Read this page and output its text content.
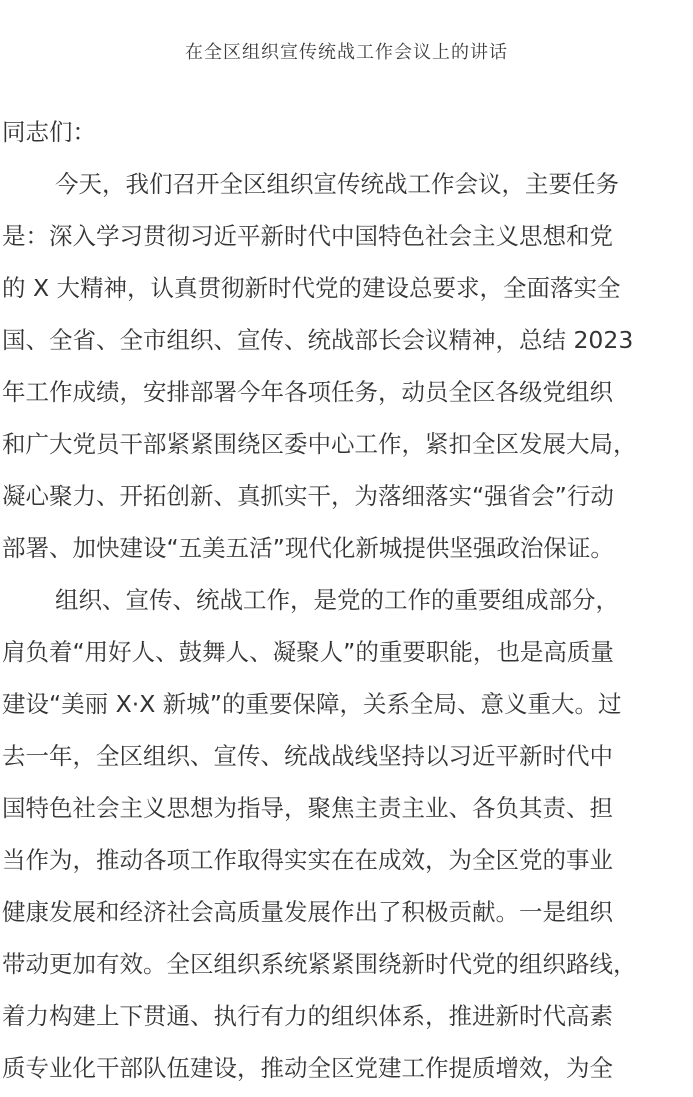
在全区组织宣传统战工作会议上的讲话
同志们：
今天，我们召开全区组织宣传统战工作会议，主要任务
是：深入学习贯彻习近平新时代中国特色社会主义思想和党
的 X 大精神，认真贯彻新时代党的建设总要求，全面落实全
国、全省、全市组织、宣传、统战部长会议精神，总结 2023
年工作成绩，安排部署今年各项任务，动员全区各级党组织
和广大党员干部紧紧围绕区委中心工作，紧扣全区发展大局，
凝心聚力、开拓创新、真抓实干，为落细落实“强省会”行动
部署、加快建设“五美五活”现代化新城提供坚强政治保证。
组织、宣传、统战工作，是党的工作的重要组成部分，
肩负着“用好人、鼓舞人、凝聚人”的重要职能，也是高质量
建设“美丽 X·X 新城”的重要保障，关系全局、意义重大。过
去一年，全区组织、宣传、统战战线坚持以习近平新时代中
国特色社会主义思想为指导，聚焦主责主业、各负其责、担
当作为，推动各项工作取得实实在在成效，为全区党的事业
健康发展和经济社会高质量发展作出了积极贡献。一是组织
带动更加有效。全区组织系统紧紧围绕新时代党的组织路线，
着力构建上下贯通、执行有力的组织体系，推进新时代高素
质专业化干部队伍建设，推动全区党建工作提质增效，为全
